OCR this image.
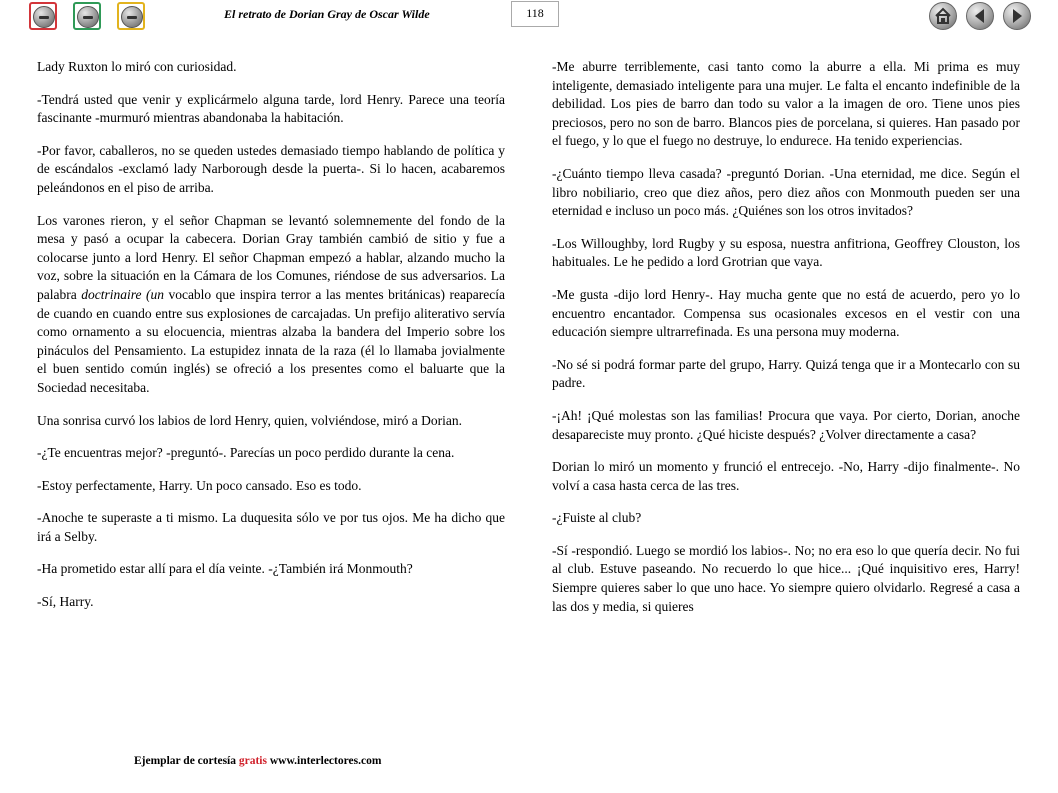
El retrato de Dorian Gray de Oscar Wilde	118

Lady Ruxton lo miró con curiosidad.

-Tendrá usted que venir y explicármelo alguna tarde, lord Henry. Parece una teoría fascinante -murmuró mientras abandonaba la habitación.

-Por favor, caballeros, no se queden ustedes demasiado tiempo hablando de política y de escándalos -exclamó lady Narborough desde la puerta-. Si lo hacen, acabaremos peleándonos en el piso de arriba.

Los varones rieron, y el señor Chapman se levantó solemnemente del fondo de la mesa y pasó a ocupar la cabecera. Dorian Gray también cambió de sitio y fue a colocarse junto a lord Henry. El señor Chapman empezó a hablar, alzando mucho la voz, sobre la situación en la Cámara de los Comunes, riéndose de sus adversarios. La palabra doctrinaire (un vocablo que inspira terror a las mentes británicas) reaparecía de cuando en cuando entre sus explosiones de carcajadas. Un prefijo aliterativo servía como ornamento a su elocuencia, mientras alzaba la bandera del Imperio sobre los pináculos del Pensamiento. La estupidez innata de la raza (él lo llamaba jovialmente el buen sentido común inglés) se ofreció a los presentes como el baluarte que la Sociedad necesitaba.

Una sonrisa curvó los labios de lord Henry, quien, volviéndose, miró a Dorian.

-¿Te encuentras mejor? -preguntó-. Parecías un poco perdido durante la cena.

-Estoy perfectamente, Harry. Un poco cansado. Eso es todo.

-Anoche te superaste a ti mismo. La duquesita sólo ve por tus ojos. Me ha dicho que irá a Selby.

-Ha prometido estar allí para el día veinte. -¿También irá Monmouth?

-Sí, Harry.

-Me aburre terriblemente, casi tanto como la aburre a ella. Mi prima es muy inteligente, demasiado inteligente para una mujer. Le falta el encanto indefinible de la debilidad. Los pies de barro dan todo su valor a la imagen de oro. Tiene unos pies preciosos, pero no son de barro. Blancos pies de porcelana, si quieres. Han pasado por el fuego, y lo que el fuego no destruye, lo endurece. Ha tenido experiencias.

-¿Cuánto tiempo lleva casada? -preguntó Dorian. -Una eternidad, me dice. Según el libro nobiliario, creo que diez años, pero diez años con Monmouth pueden ser una eternidad e incluso un poco más. ¿Quiénes son los otros invitados?

-Los Willoughby, lord Rugby y su esposa, nuestra anfitriona, Geoffrey Clouston, los habituales. Le he pedido a lord Grotrian que vaya.

-Me gusta -dijo lord Henry-. Hay mucha gente que no está de acuerdo, pero yo lo encuentro encantador. Compensa sus ocasionales excesos en el vestir con una educación siempre ultrarrefinada. Es una persona muy moderna.

-No sé si podrá formar parte del grupo, Harry. Quizá tenga que ir a Montecarlo con su padre.

-¡Ah! ¡Qué molestas son las familias! Procura que vaya. Por cierto, Dorian, anoche desapareciste muy pronto. ¿Qué hiciste después? ¿Volver directamente a casa?

Dorian lo miró un momento y frunció el entrecejo. -No, Harry -dijo finalmente-. No volví a casa hasta cerca de las tres.

-¿Fuiste al club?

-Sí -respondió. Luego se mordió los labios-. No; no era eso lo que quería decir. No fui al club. Estuve paseando. No recuerdo lo que hice... ¡Qué inquisitivo eres, Harry! Siempre quieres saber lo que uno hace. Yo siempre quiero olvidarlo. Regresé a casa a las dos y media, si quieres

Ejemplar de cortesía gratis www.interlectores.com
